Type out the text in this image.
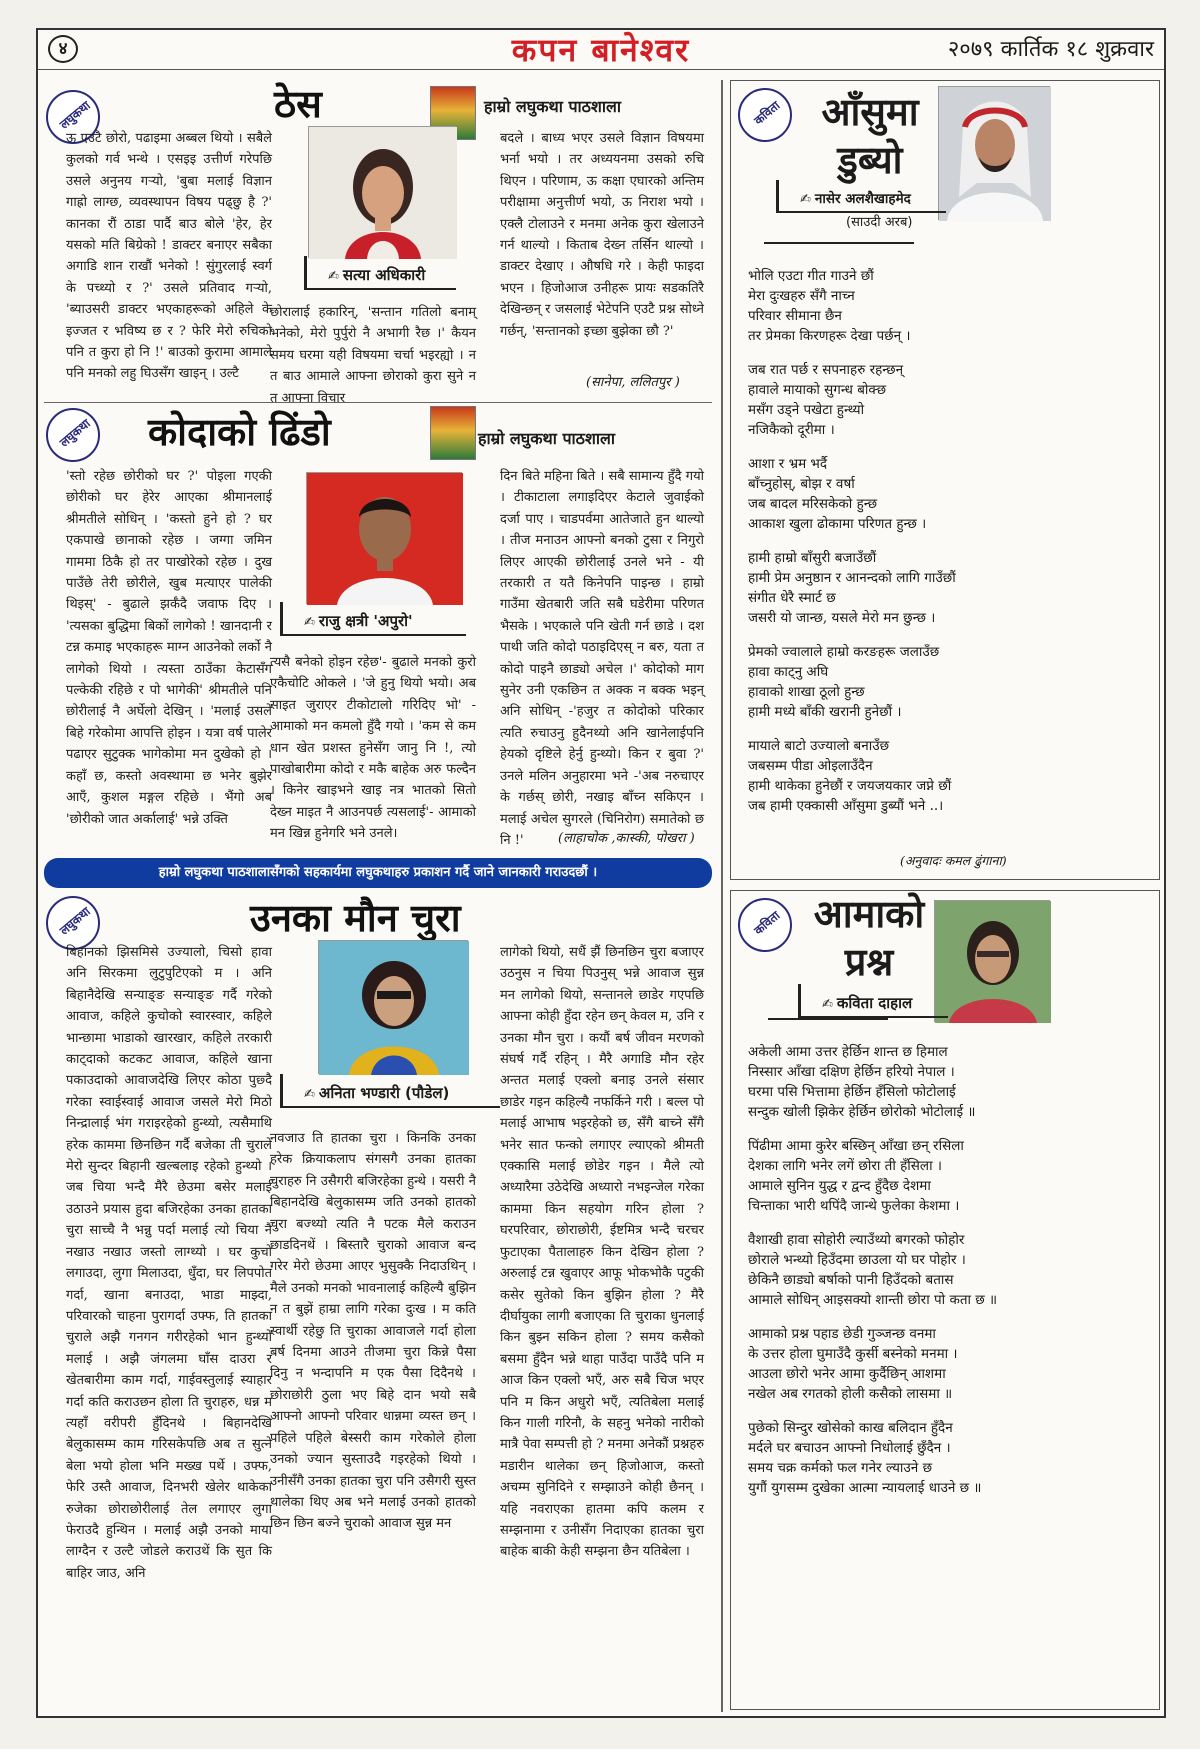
४	कपन बानेश्वर	२०७९ कार्तिक १८ शुक्रवार
लघुकथा	ठेस	हाम्रो लघुकथा पाठशाला
✍ सत्या अधिकारी

ऊ एउटै छोरो, पढाइमा अब्बल थियो । सबैले कुलको गर्व भन्थे । एसइइ उत्तीर्ण गरेपछि उसले अनुनय गऱ्यो, 'बुबा मलाई विज्ञान गाह्रो लाग्छ, व्यवस्थापन विषय पढ्छु है ?' कानका रौं ठाडा पार्दै बाउ बोले 'हेर, हेर यसको मति बिग्रेको ! डाक्टर बनाएर सबैका अगाडि शान राखौं भनेको ! सुंगुरलाई स्वर्ग के पच्थ्यो र ?' उसले प्रतिवाद गऱ्यो, 'ब्याउसरी डाक्टर भएकाहरूको अहिले के इज्जत र भविष्य छ र ? फेरि मेरो रुचिको पनि त कुरा हो नि !' बाउको कुरामा आमाले पनि मनको लहु घिउसँग खाइन् । उल्टै

छोरालाई हकारिन्, 'सन्तान गतिलो बनाम् भनेको, मेरो पुर्पुरो नै अभागी रैछ ।' कैयन समय घरमा यही विषयमा चर्चा भइरह्यो । न त बाउ आमाले आफ्ना छोराको कुरा सुने न त आफ्ना विचार

बदले । बाध्य भएर उसले विज्ञान विषयमा भर्ना भयो । तर अध्ययनमा उसको रुचि थिएन । परिणाम, ऊ कक्षा एघारको अन्तिम परीक्षामा अनुत्तीर्ण भयो, ऊ निराश भयो । एक्लै टोलाउने र मनमा अनेक कुरा खेलाउने गर्न थाल्यो । किताब देख्न तर्सिन थाल्यो । डाक्टर देखाए । औषधि गरे । केही फाइदा भएन । हिजोआज उनीहरू प्रायः सडकतिरै देखिन्छन् र जसलाई भेटेपनि एउटै प्रश्न सोध्ने गर्छन्, 'सन्तानको इच्छा बुझेका छौ ?'

(सानेपा, ललितपुर )
लघुकथा	कोदाको ढिंडो	हाम्रो लघुकथा पाठशाला
✍ राजु क्षत्री 'अपुरो'

'स्तो रहेछ छोरीको घर ?' पोइला गएकी छोरीको घर हेरेर आएका श्रीमानलाई श्रीमतीले सोधिन् । 'कस्तो हुने हो ? घर एकपाखे छानाको रहेछ । जग्गा जमिन गाममा ठिकै हो तर पाखोरेको रहेछ । दुख पाउँछे तेरी छोरीले, खुब मत्याएर पालेकी थिइस्' - बुढाले झर्कँदै जवाफ दिए । 'त्यसका बुद्धिमा बिकों लागेको ! खानदानी र टन्न कमाइ भएकाहरू माग्न आउनेको लर्को नै लागेको थियो । त्यस्ता ठाउँका केटासँग पल्केकी रहिछे र पो भागेकी' श्रीमतीले पनि छोरीलाई नै अर्घेलो देखिन् । 'मलाई उसले बिहे गरेकोमा आपत्ति होइन । यत्रा वर्ष पालेर पढाएर सुटुक्क भागेकोमा मन दुखेको हो । कहाँ छ, कस्तो अवस्थामा छ भनेर बुझेर आएँ, कुशल मङ्गल रहिछे । भैंगो अब 'छोरीको जात अर्कालाई' भन्ने उक्ति

त्यसै बनेको होइन रहेछ'- बुढाले मनको कुरो एकैचोटि ओकले । 'जे हुनु थियो भयो। अब साइत जुराएर टीकोटालो गरिदिए भो' - आमाको मन कमलो हुँदै गयो । 'कम से कम धान खेत प्रशस्त हुनेसँग जानु नि !, त्यो पाखोबारीमा कोदो र मकै बाहेक अरु फल्दैन । किनेर खाइभने खाइ नत्र भातको सितो देख्न माइत नै आउनपर्छ त्यसलाई'- आमाको मन खिन्न हुनेगरि भने उनले।

दिन बिते महिना बिते । सबै सामान्य हुँदै गयो । टीकाटाला लगाइदिएर केटाले जुवाईको दर्जा पाए । चाडपर्वमा आतेजाते हुन थाल्यो । तीज मनाउन आफ्नो बनको टुसा र निगुरो लिएर आएकी छोरीलाई उनले भने - यी तरकारी त यतै किनेपनि पाइन्छ । हाम्रो गाउँमा खेतबारी जति सबै घडेरीमा परिणत भैसके । भएकाले पनि खेती गर्न छाडे । दश पाथी जति कोदो पठाइदिएस् न बरु, यता त कोदो पाइनै छाड्यो अचेल ।' कोदोको माग सुनेर उनी एकछिन त अक्क न बक्क भइन् अनि सोधिन् -'हजुर त कोदोको परिकार त्यति रुचाउनु हुदैनथ्यो अनि खानेलाईपनि हेयको दृष्टिले हेर्नु हुन्थ्यो। किन र बुवा ?' उनले मलिन अनुहारमा भने -'अब नरुचाएर के गर्छस् छोरी, नखाइ बाँच्न सकिएन । मलाई अचेल सुगरले (चिनिरोग) समातेको छ नि !'	(लाहाचोक ,कास्की, पोखरा )
हाम्रो लघुकथा पाठशालासँगको सहकार्यमा लघुकथाहरु प्रकाशन गर्दै जाने जानकारी गराउदछौं ।
लघुकथा	उनका मौन चुरा
✍ अनिता भण्डारी (पौडेल)

बिहानको झिसमिसे उज्यालो, चिसो हावा अनि सिरकमा लुटुपुटिएको म । अनि बिहानैदेखि सन्याङ्ङ सन्याङ्ङ गर्दै गरेको आवाज, कहिले कुचोको स्वारस्वार, कहिले भान्छामा भाडाको खारखार, कहिले तरकारी काट्दाको कटकट आवाज, कहिले खाना पकाउदाको आवाजदेखि लिएर कोठा पुछ्दै गरेका स्वाईस्वाई आवाज जसले मेरो मिठो निन्द्रालाई भंग गराइरहेको हुन्थ्यो, त्यसैमाथि हरेक काममा छिनछिन गर्दै बजेका ती चुराले मेरो सुन्दर बिहानी खल्बलाइ रहेको हुन्थ्यो । जब चिया भन्दै मैरै छेउमा बसेर मलाई उठाउने प्रयास हुदा बजिरहेका उनका हातका चुरा साच्चै नै भन्नु पर्दा मलाई त्यो चिया नै नखाउ नखाउ जस्तो लाग्थ्यो । घर कुचो लगाउदा, लुगा मिलाउदा, धुँदा, घर लिपपोत गर्दा, खाना बनाउदा, भाडा माझ्दा, परिवारको चाहना पुरागर्दा उफ्फ, ति हातका चुराले अझै गनगन गरीरहेको भान हुन्थ्यो मलाई । अझै जंगलमा घाँस दाउरा र खेतबारीमा काम गर्दा, गाईवस्तुलाई स्याहार गर्दा कति कराउछन होला ति चुराहरु, धन्न म त्यहाँ वरीपरी हुँदिनथे । बिहानदेखि बेलुकासम्म काम गरिसकेपछि अब त सुत्ने बेला भयो होला भनि मख्ख पर्थे । उफ्फ, फेरि उस्तै आवाज, दिनभरी खेलेर थाकेका रुजेका छोराछोरीलाई तेल लगाएर लुगा फेराउदै हुन्थिन । मलाई अझै उनको माया लाग्दैन र उल्टै जोडले कराउथें कि सुत कि बाहिर जाउ, अनि

नवजाउ ति हातका चुरा । किनकि उनका हरेक क्रियाकलाप संगसगै उनका हातका चुराहरु नि उसैगरी बजिरहेका हुन्थे । यसरी नै बिहानदेखि बेलुकासम्म जति उनको हातको चुरा बज्थ्यो त्यति नै पटक मैले कराउन छाडदिनथें । बिस्तारै चुराको आवाज बन्द गरेर मेरो छेउमा आएर भुसुक्कै निदाउथिन् । मैले उनको मनको भावनालाई कहिल्यै बुझिन न त बुझें हाम्रा लागि गरेका दुःख । म कति स्वार्थी रहेछु ति चुराका आवाजले गर्दा होला बर्ष दिनमा आउने तीजमा चुरा किन्ने पैसा दिनु न भन्दापनि म एक पैसा दिदैनथे । छोराछोरी ठुला भए बिहे दान भयो सबै आफ्नो आफ्नो परिवार धान्नमा व्यस्त छन् । पहिले पहिले बेस्सरी काम गरेकोले होला उनको ज्यान सुस्ताउदै गइरहेको थियो । उनीसँगै उनका हातका चुरा पनि उसैगरी सुस्त थालेका थिए अब भने मलाई उनको हातको छिन छिन बज्ने चुराको आवाज सुन्न मन

लागेको थियो, सधैं झैं छिनछिन चुरा बजाएर उठनुस न चिया पिउनुस् भन्ने आवाज सुन्न मन लागेको थियो, सन्तानले छाडेर गएपछि आफ्ना कोही हुँदा रहेन छन् केवल म, उनि र उनका मौन चुरा । कयौं बर्ष जीवन मरणको संघर्ष गर्दै रहिन् । मैरै अगाडि मौन रहेर अन्तत मलाई एक्लो बनाइ उनले संसार छाडेर गइन कहिल्यै नफर्किने गरी । बल्ल पो मलाई आभाष भइरहेको छ, सँगै बाच्ने सँगै भनेर सात फन्को लगाएर ल्याएको श्रीमती एक्कासि मलाई छोडेर गइन । मैले त्यो अध्यारैमा उठेदेखि अध्यारो नभइन्जेल गरेका काममा किन सहयोग गरिन होला ? घरपरिवार, छोराछोरी, ईष्टमित्र भन्दै चरचर फुटाएका पैतालाहरु किन देखिन होला ? अरुलाई टन्न खुवाएर आफू भोकभोकै पटुकी कसेर सुतेको किन बुझिन होला ? मैरै दीर्घायुका लागी बजाएका ति चुराका धुनलाई किन बुझ्न सकिन होला ? समय कसैको बसमा हुँदैन भन्ने थाहा पाउँदा पाउँदै पनि म आज किन एक्लो भएँ, अरु सबै चिज भएर पनि म किन अधुरो भएँ, त्यतिबेला मलाई किन गाली गरिनौ, के सहनु भनेको नारीको मात्रै पेवा सम्पत्ती हो ? मनमा अनेकौं प्रश्नहरु मडारीन थालेका छन् हिजोआज, कस्तो अचम्म सुनिदिने र सम्झाउने कोही छैनन् । यहि नवराएका हातमा कपि कलम र सम्झनामा र उनीसँग निदाएका हातका चुरा बाहेक बाकी केही सम्झना छैन यतिबेला ।

कविता	आँसुमा
डुब्यो
✍ नासेर अलशैखाहमेद
(साउदी अरब)
भोलि एउटा गीत गाउने छौं
मेरा दुःखहरु सँगै नाच्न
परिवार सीमाना छैन
तर प्रेमका किरणहरू देखा पर्छन् ।
जब रात पर्छ र सपनाहरु रहन्छन्
हावाले मायाको सुगन्ध बोक्छ
मसँग उड्ने पखेटा हुन्थ्यो
नजिकैको दूरीमा ।
आशा र भ्रम भर्दै
बाँच्नुहोस्, बोझ र वर्षा
जब बादल मरिसकेको हुन्छ
आकाश खुला ढोकामा परिणत हुन्छ ।
हामी हाम्रो बाँसुरी बजाउँछौं
हामी प्रेम अनुष्ठान र आनन्दको लागि गाउँछौं
संगीत धेरै स्मार्ट छ
जसरी यो जान्छ, यसले मेरो मन छुन्छ ।
प्रेमको ज्वालाले हाम्रो करङहरू जलाउँछ
हावा काट्नु अघि
हावाको शाखा ठूलो हुन्छ
हामी मध्ये बाँकी खरानी हुनेछौं ।
मायाले बाटो उज्यालो बनाउँछ
जबसम्म पीडा ओइलाउँदैन
हामी थाकेका हुनेछौं र जयजयकार जप्ने छौं
जब हामी एक्कासी आँसुमा डुब्यौं भने ..।
(अनुवादः कमल ढुंगाना)
कविता आमाको
प्रश्न
✍ कविता दाहाल
अकेली आमा उत्तर हेर्छिन शान्त छ हिमाल
निस्सार आँखा दक्षिण हेर्छिन हरियो नेपाल ।
घरमा पसि भित्तामा हेर्छिन हँसिलो फोटोलाई
सन्दुक खोली झिकेर हेर्छिन छोरोको भोटोलाई ॥
पिंढीमा आमा कुरेर बस्छिन् आँखा छन् रसिला
देशका लागि भनेर लगें छोरा ती हँसिला ।
आमाले सुनिन युद्ध र द्वन्द हुँदैछ देशमा
चिन्ताका भारी थपिंदै जान्थे फुलेका केशमा ।
वैशाखी हावा सोहोरी ल्याउँथ्यो बगरको फोहोर
छोराले भन्थ्यो हिउँदमा छाउला यो घर पोहोर ।
छेकिनै छाड्यो बर्षाको पानी हिउँदको बतास
आमाले सोधिन् आइसक्यो शान्ती छोरा पो कता छ ॥
आमाको प्रश्न पहाड छेडी गुञ्जन्छ वनमा
के उत्तर होला घुमाउँदै कुर्सी बस्नेको मनमा ।
आउला छोरो भनेर आमा कुर्दैछिन् आशमा
नखेल अब रगतको होली कसैको लासमा ॥
पुछेको सिन्दुर खोसेको काख बलिदान हुँदैन
मर्दले घर बचाउन आफ्नो निधोलाई छुँदैन ।
समय चक्र कर्मको फल गनेर ल्याउने छ
युगौं युगसम्म दुखेका आत्मा न्यायलाई धाउने छ ॥
